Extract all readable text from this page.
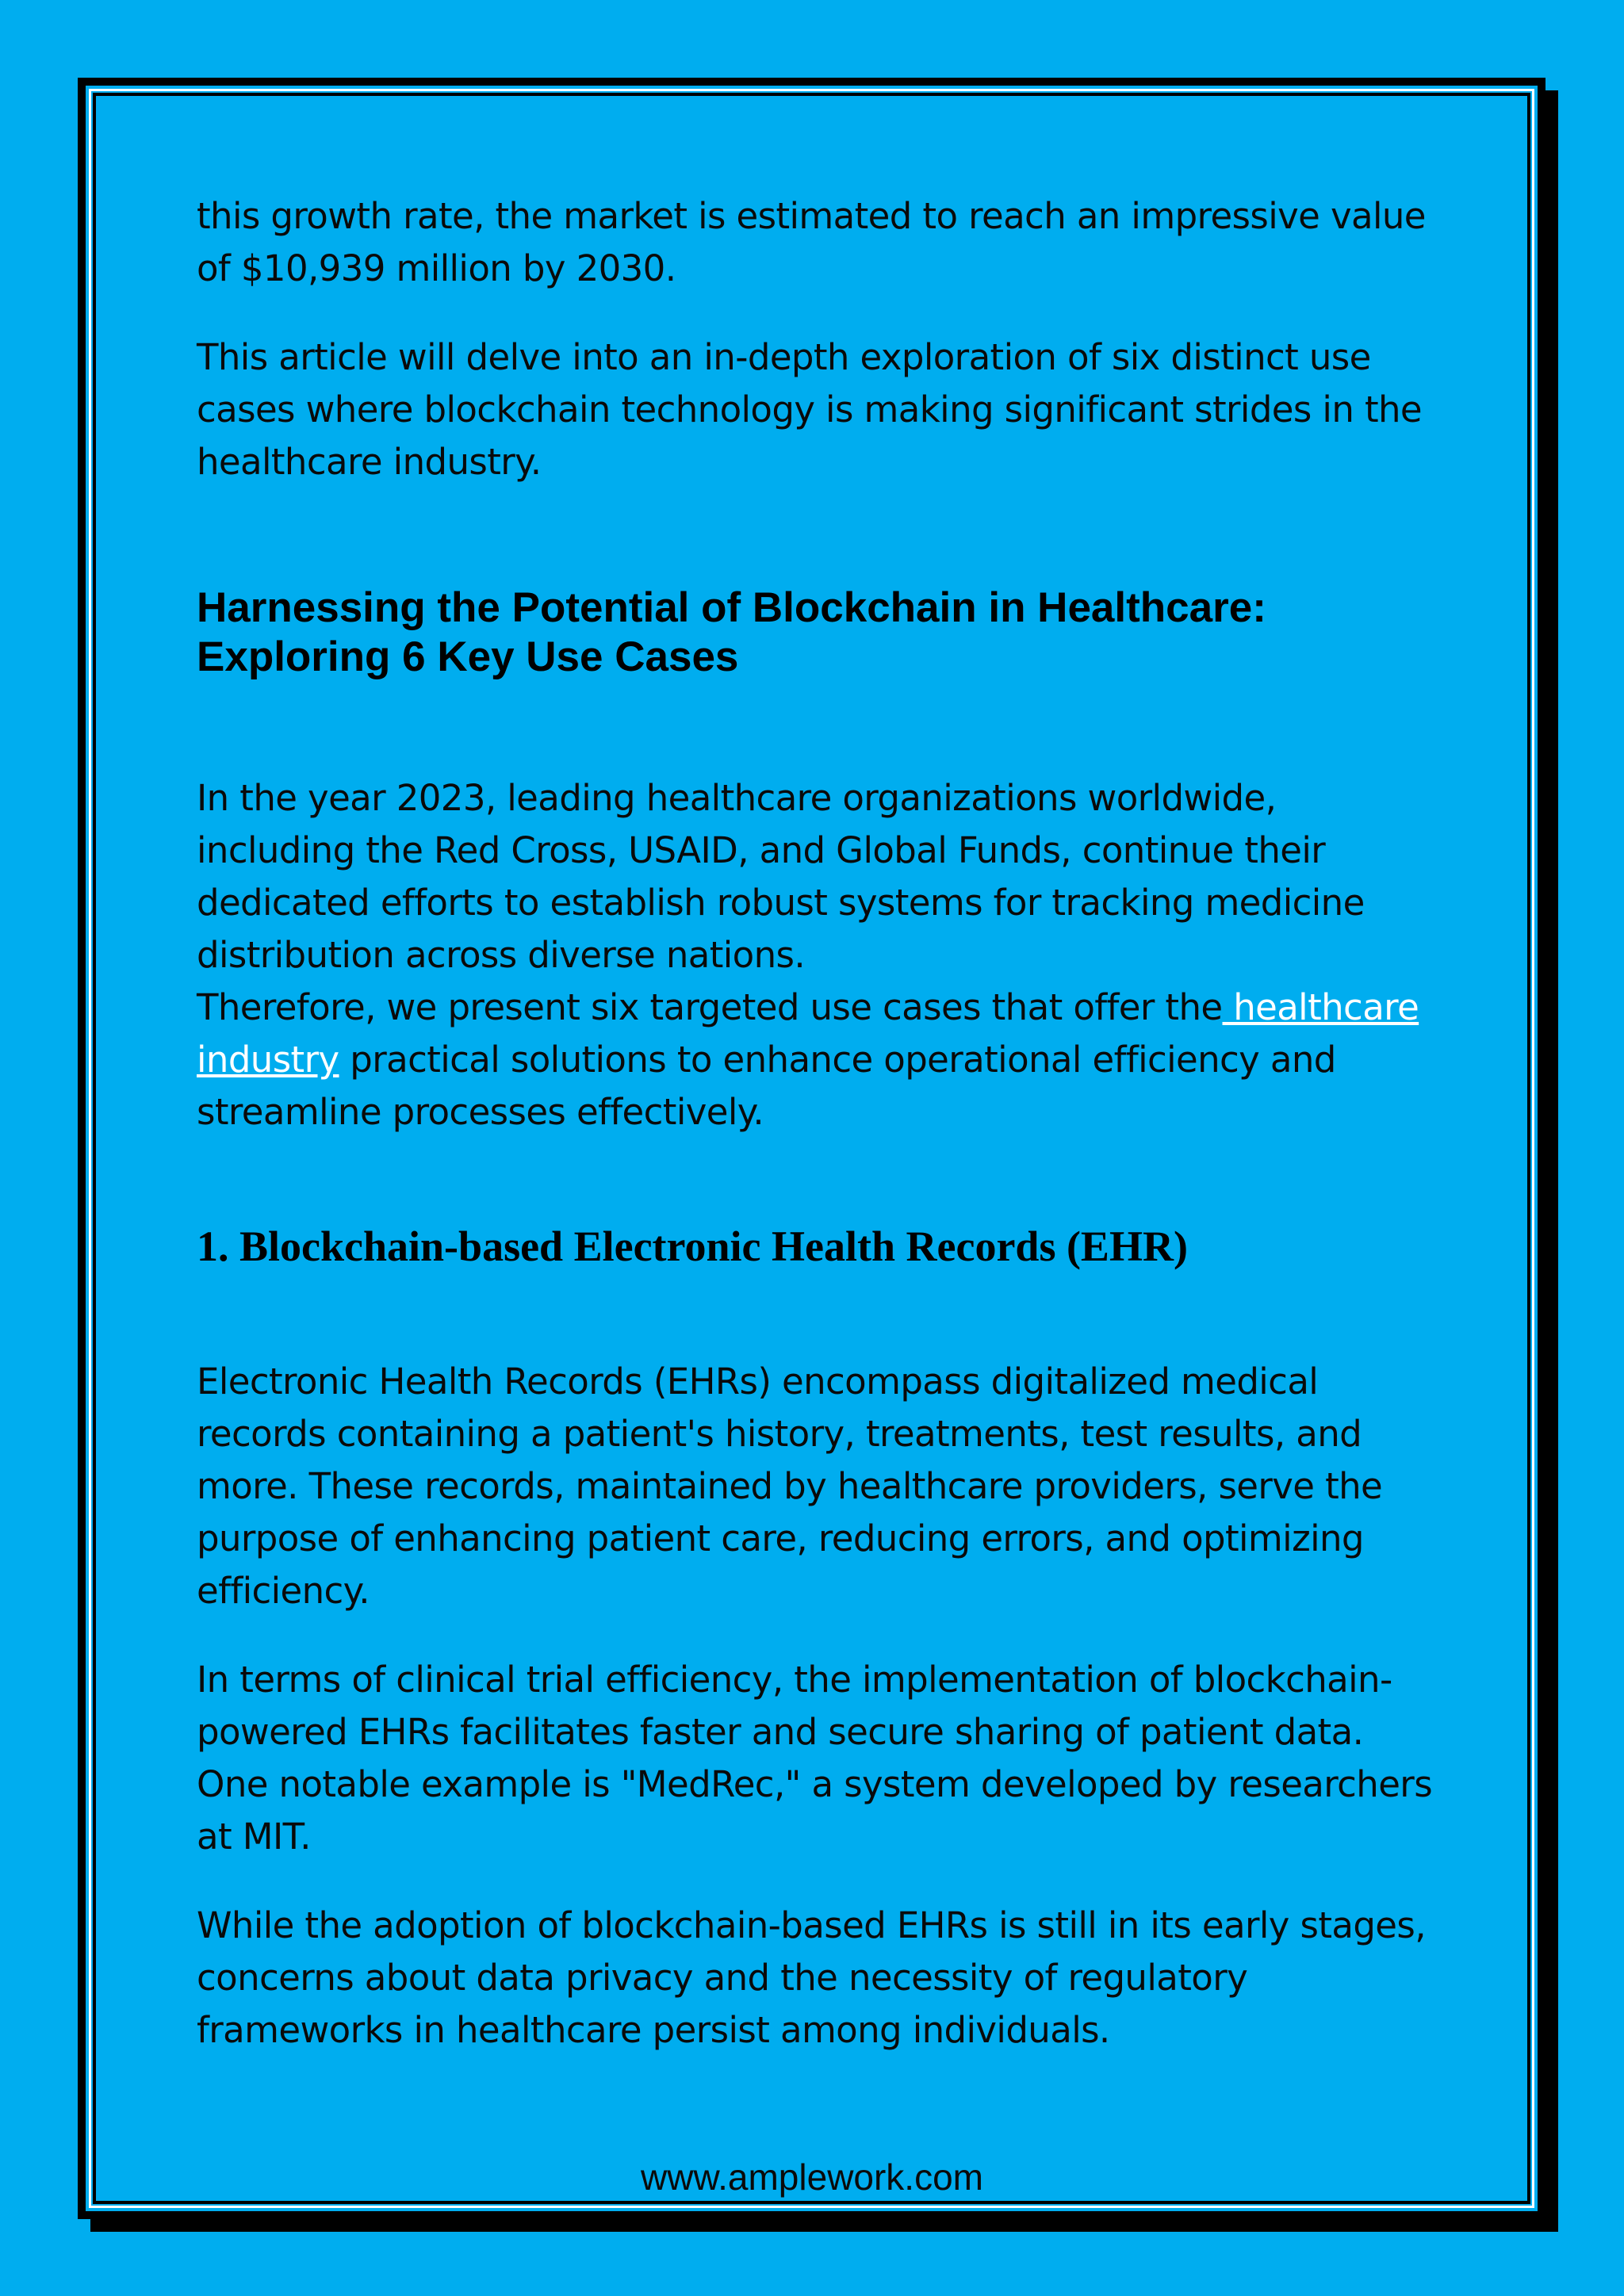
this growth rate, the market is estimated to reach an impressive value of $10,939 million by 2030.

This article will delve into an in-depth exploration of six distinct use cases where blockchain technology is making significant strides in the healthcare industry.

Harnessing the Potential of Blockchain in Healthcare: Exploring 6 Key Use Cases

In the year 2023, leading healthcare organizations worldwide, including the Red Cross, USAID, and Global Funds, continue their dedicated efforts to establish robust systems for tracking medicine distribution across diverse nations.

Therefore, we present six targeted use cases that offer the healthcare industry practical solutions to enhance operational efficiency and streamline processes effectively.

1. Blockchain-based Electronic Health Records (EHR)

Electronic Health Records (EHRs) encompass digitalized medical records containing a patient's history, treatments, test results, and more. These records, maintained by healthcare providers, serve the purpose of enhancing patient care, reducing errors, and optimizing efficiency.

In terms of clinical trial efficiency, the implementation of blockchain-powered EHRs facilitates faster and secure sharing of patient data. One notable example is "MedRec," a system developed by researchers at MIT.

While the adoption of blockchain-based EHRs is still in its early stages, concerns about data privacy and the necessity of regulatory frameworks in healthcare persist among individuals.

www.amplework.com
